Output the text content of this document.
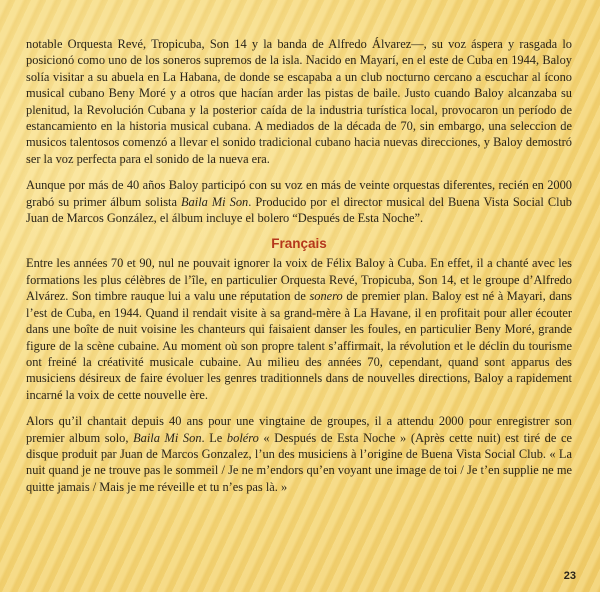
notable Orquesta Revé, Tropicuba, Son 14 y la banda de Alfredo Álvarez—, su voz áspera y rasgada lo posicionó como uno de los soneros supremos de la isla. Nacido en Mayarí, en el este de Cuba en 1944, Baloy solía visitar a su abuela en La Habana, de donde se escapaba a un club nocturno cercano a escuchar al ícono musical cubano Beny Moré y a otros que hacían arder las pistas de baile. Justo cuando Baloy alcanzaba su plenitud, la Revolución Cubana y la posterior caída de la industria turística local, provocaron un período de estancamiento en la historia musical cubana. A mediados de la década de 70, sin embargo, una seleccion de musicos talentosos comenzó a llevar el sonido tradicional cubano hacia nuevas direcciones, y Baloy demostró ser la voz perfecta para el sonido de la nueva era.

Aunque por más de 40 años Baloy participó con su voz en más de veinte orquestas diferentes, recién en 2000 grabó su primer álbum solista Baila Mi Son. Producido por el director musical del Buena Vista Social Club Juan de Marcos González, el álbum incluye el bolero “Después de Esta Noche”.

Français

Entre les années 70 et 90, nul ne pouvait ignorer la voix de Félix Baloy à Cuba. En effet, il a chanté avec les formations les plus célèbres de l’île, en particulier Orquesta Revé, Tropicuba, Son 14, et le groupe d’Alfredo Alvárez. Son timbre rauque lui a valu une réputation de sonero de premier plan. Baloy est né à Mayari, dans l’est de Cuba, en 1944. Quand il rendait visite à sa grand-mère à La Havane, il en profitait pour aller écouter dans une boîte de nuit voisine les chanteurs qui faisaient danser les foules, en particulier Beny Moré, grande figure de la scène cubaine. Au moment où son propre talent s’affirmait, la révolution et le déclin du tourisme ont freiné la créativité musicale cubaine. Au milieu des années 70, cependant, quand sont apparus des musiciens désireux de faire évoluer les genres traditionnels dans de nouvelles directions, Baloy a rapidement incarné la voix de cette nouvelle ère.

Alors qu’il chantait depuis 40 ans pour une vingtaine de groupes, il a attendu 2000 pour enregistrer son premier album solo, Baila Mi Son. Le boléro « Después de Esta Noche » (Après cette nuit) est tiré de ce disque produit par Juan de Marcos Gonzalez, l’un des musiciens à l’origine de Buena Vista Social Club. « La nuit quand je ne trouve pas le sommeil / Je ne m’endors qu’en voyant une image de toi / Je t’en supplie ne me quitte jamais / Mais je me réveille et tu n’es pas là. »

23
